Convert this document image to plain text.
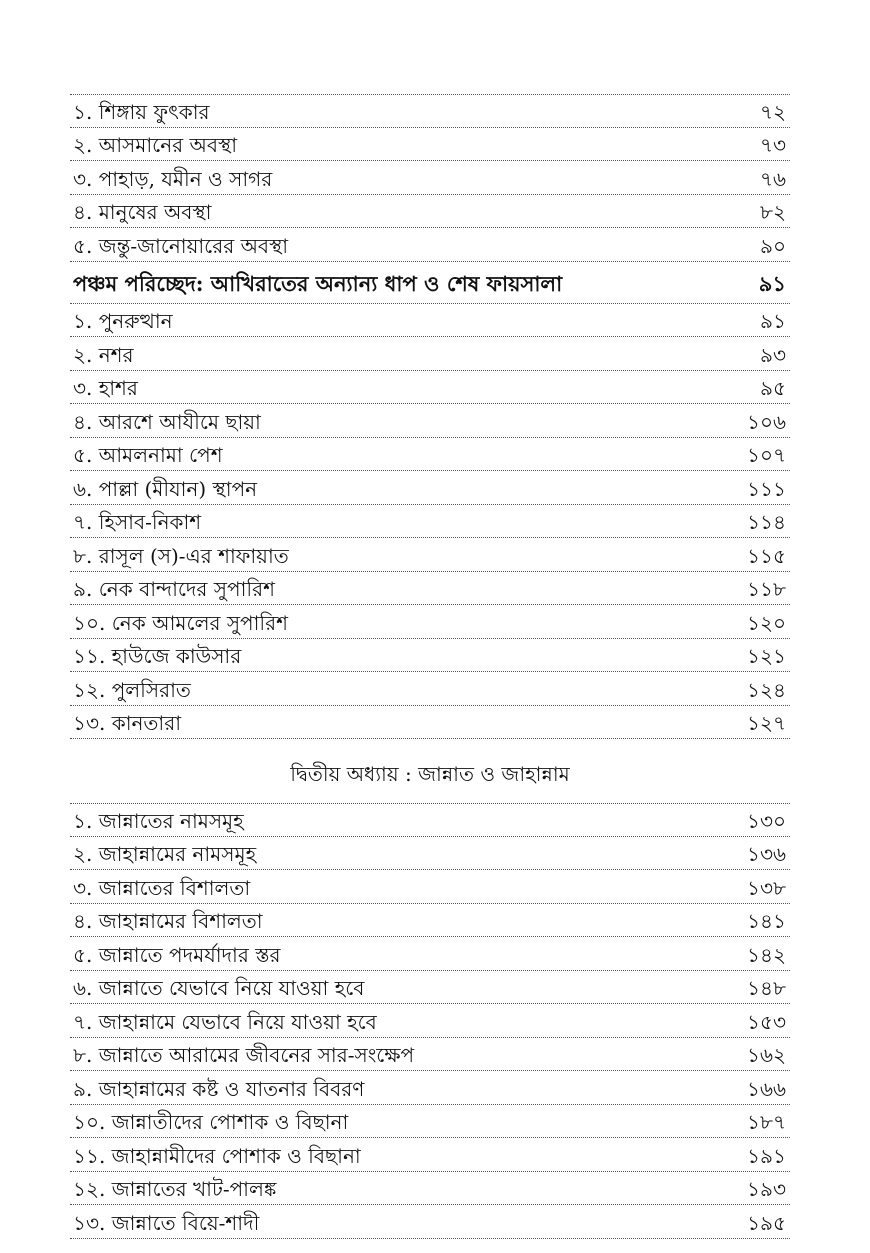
১. শিঙ্গায় ফুৎকার	৭২
২. আসমানের অবস্থা	৭৩
৩. পাহাড়, যমীন ও সাগর	৭৬
৪. মানুষের অবস্থা	৮২
৫. জন্তু-জানোয়ারের অবস্থা	৯০
পঞ্চম পরিচ্ছেদ: আখিরাতের অন্যান্য ধাপ ও শেষ ফায়সালা	৯১
১. পুনরুত্থান	৯১
২. নশর	৯৩
৩. হাশর	৯৫
৪. আরশে আযীমে ছায়া	১০৬
৫. আমলনামা পেশ	১০৭
৬. পাল্লা (মীযান) স্থাপন	১১১
৭. হিসাব-নিকাশ	১১৪
৮. রাসূল (স)-এর শাফায়াত	১১৫
৯. নেক বান্দাদের সুপারিশ	১১৮
১০. নেক আমলের সুপারিশ	১২০
১১. হাউজে কাউসার	১২১
১২. পুলসিরাত	১২৪
১৩. কানতারা	১২৭
দ্বিতীয় অধ্যায় : জান্নাত ও জাহান্নাম
১. জান্নাতের নামসমূহ	১৩০
২. জাহান্নামের নামসমূহ	১৩৬
৩. জান্নাতের বিশালতা	১৩৮
৪. জাহান্নামের বিশালতা	১৪১
৫. জান্নাতে পদমর্যাদার স্তর	১৪২
৬. জান্নাতে যেভাবে নিয়ে যাওয়া হবে	১৪৮
৭. জাহান্নামে যেভাবে নিয়ে যাওয়া হবে	১৫৩
৮. জান্নাতে আরামের জীবনের সার-সংক্ষেপ	১৬২
৯. জাহান্নামের কষ্ট ও যাতনার বিবরণ	১৬৬
১০. জান্নাতীদের পোশাক ও বিছানা	১৮৭
১১. জাহান্নামীদের পোশাক ও বিছানা	১৯১
১২. জান্নাতের খাট-পালঙ্ক	১৯৩
১৩. জান্নাতে বিয়ে-শাদী	১৯৫
